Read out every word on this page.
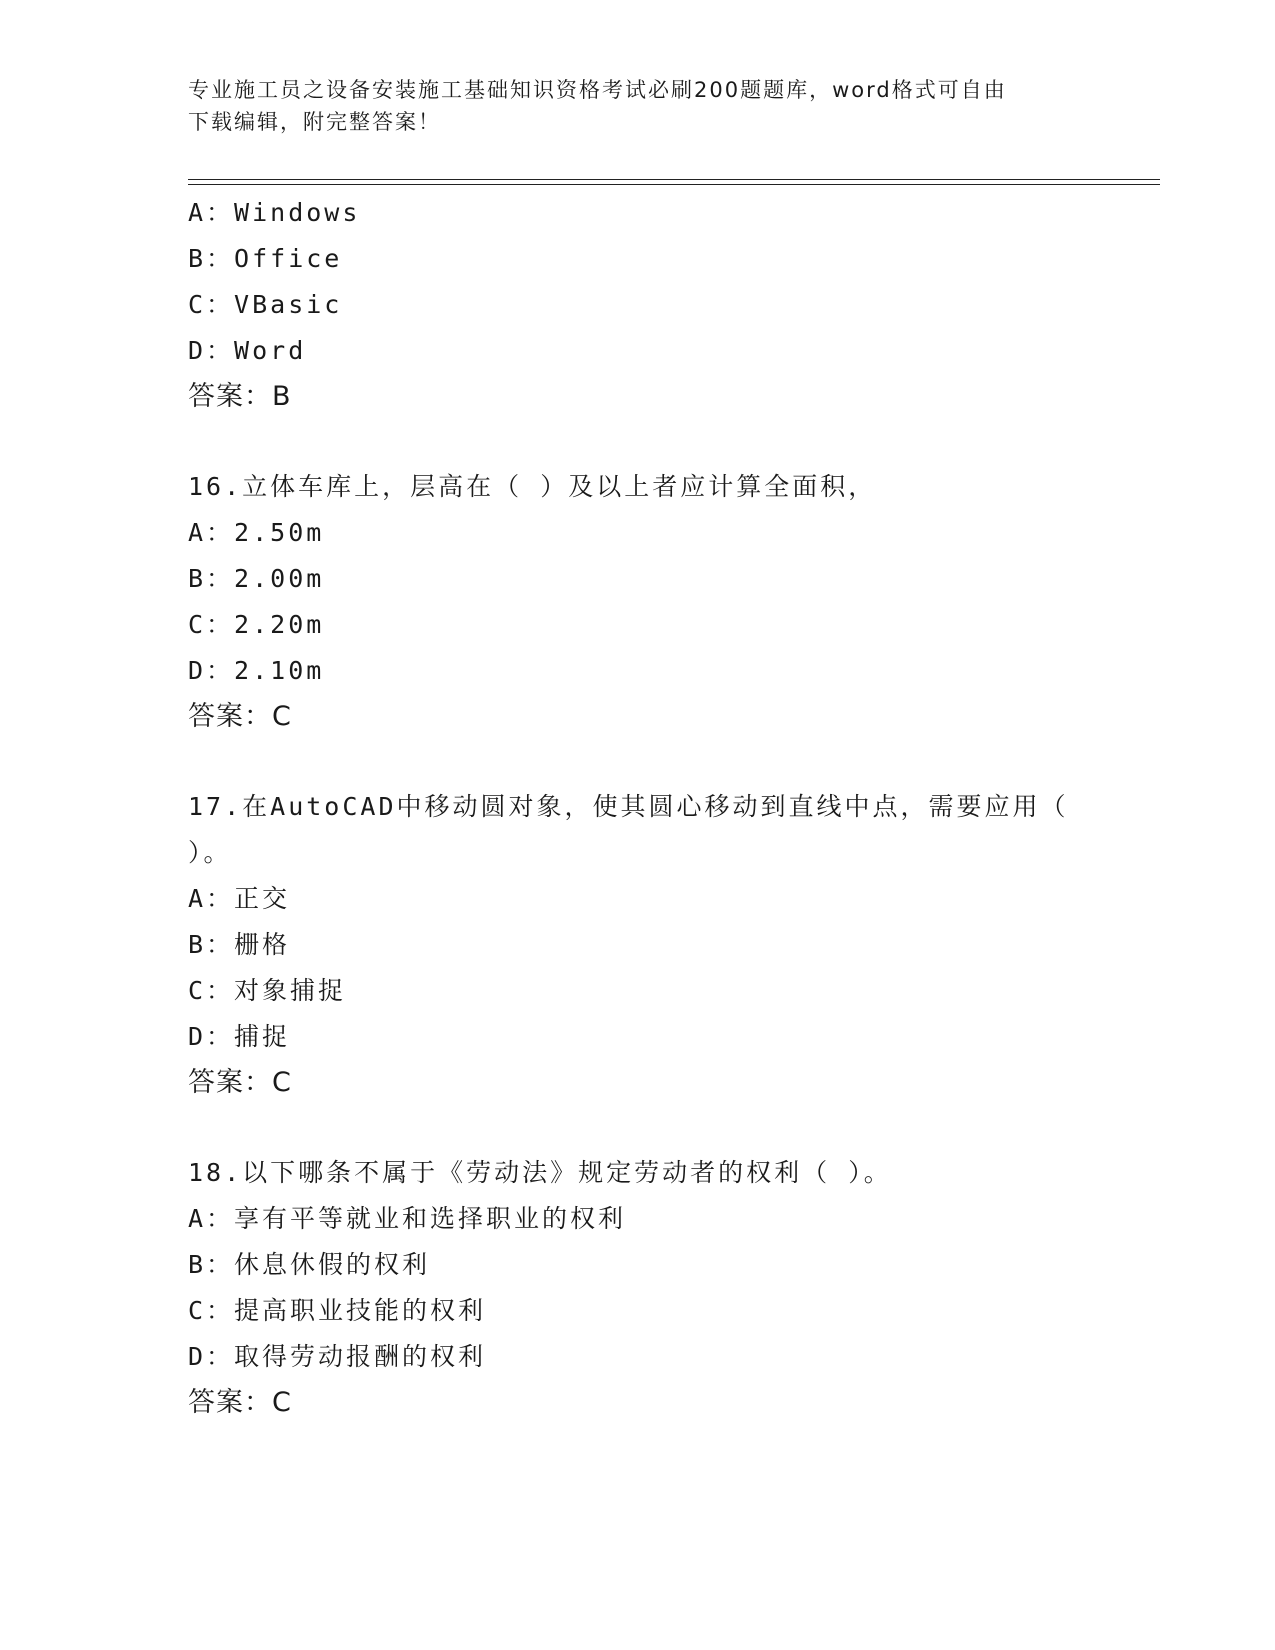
专业施工员之设备安装施工基础知识资格考试必刷200题题库，word格式可自由
下载编辑，附完整答案！
A：Windows
B：Office
C：VBasic
D：Word
答案：B
16.立体车库上，层高在（ ）及以上者应计算全面积，
A：2.50m
B：2.00m
C：2.20m
D：2.10m
答案：C
17.在AutoCAD中移动圆对象，使其圆心移动到直线中点，需要应用（
）。
A：正交
B：栅格
C：对象捕捉
D：捕捉
答案：C
18.以下哪条不属于《劳动法》规定劳动者的权利（ ）。
A：享有平等就业和选择职业的权利
B：休息休假的权利
C：提高职业技能的权利
D：取得劳动报酬的权利
答案：C
